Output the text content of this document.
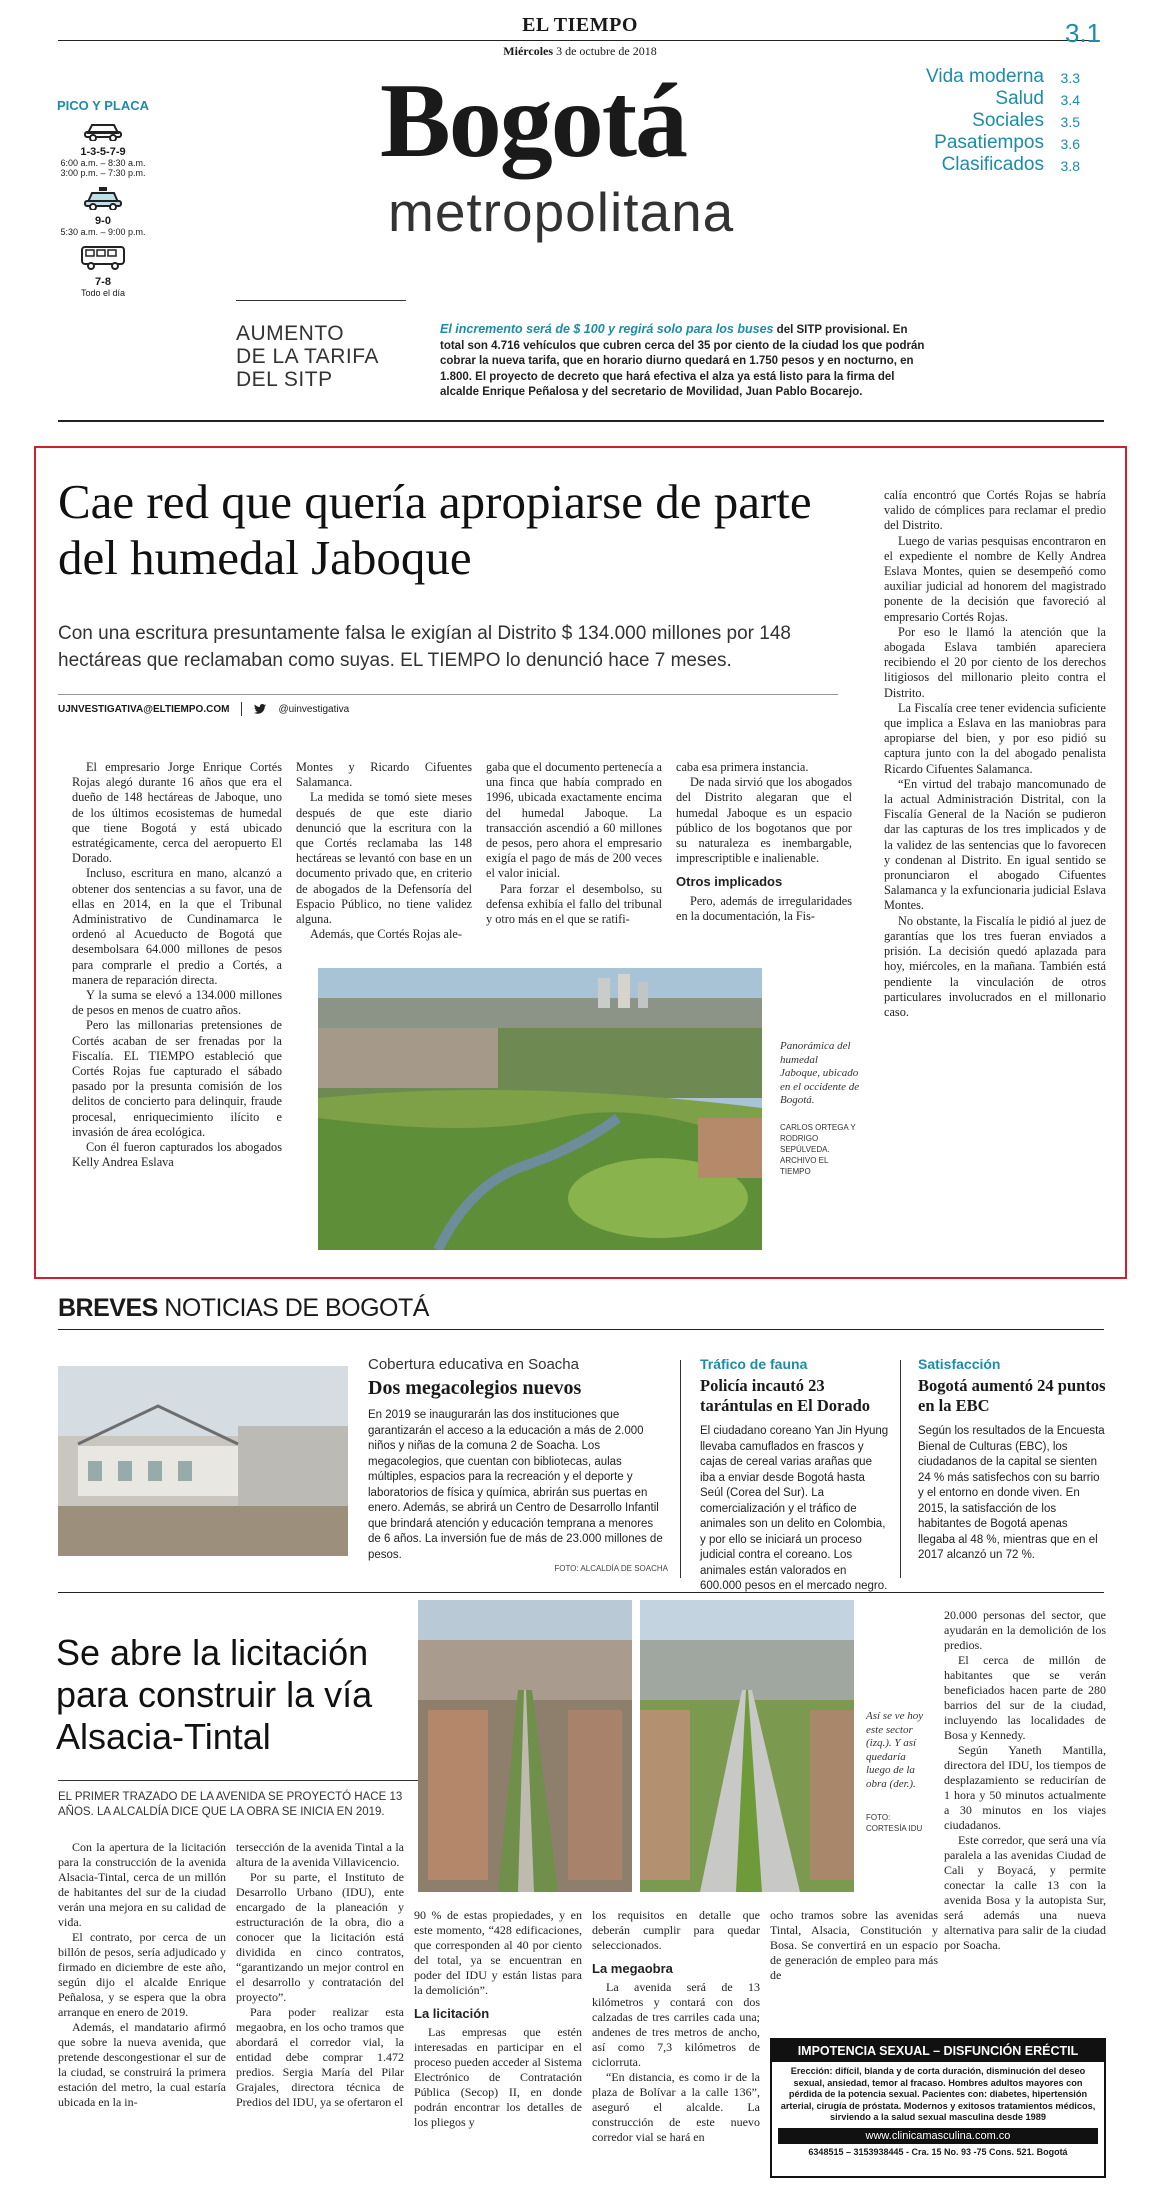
EL TIEMPO
Miércoles 3 de octubre de 2018
3.1
Bogotá
metropolitana
Vida moderna	3.3
Salud	3.4
Sociales	3.5
Pasatiempos	3.6
Clasificados	3.8
PICO Y PLACA
1-3-5-7-9
6:00 a.m. – 8:30 a.m.
3:00 p.m. – 7:30 p.m.
9-0
5:30 a.m. – 9:00 p.m.
7-8
Todo el día
AUMENTO
DE LA TARIFA
DEL SITP
El incremento será de $ 100 y regirá solo para los buses del SITP provisional. En total son 4.716 vehículos que cubren cerca del 35 por ciento de la ciudad los que podrán cobrar la nueva tarifa, que en horario diurno quedará en 1.750 pesos y en nocturno, en 1.800. El proyecto de decreto que hará efectiva el alza ya está listo para la firma del alcalde Enrique Peñalosa y del secretario de Movilidad, Juan Pablo Bocarejo.
Cae red que quería apropiarse de parte del humedal Jaboque
Con una escritura presuntamente falsa le exigían al Distrito $ 134.000 millones por 148 hectáreas que reclamaban como suyas. EL TIEMPO lo denunció hace 7 meses.
UJNVESTIGATIVA@ELTIEMPO.COM	@uinvestigativa

El empresario Jorge Enrique Cortés Rojas alegó durante 16 años que era el dueño de 148 hectáreas de Jaboque, uno de los últimos ecosistemas de humedal que tiene Bogotá y está ubicado estratégicamente, cerca del aeropuerto El Dorado.

Incluso, escritura en mano, alcanzó a obtener dos sentencias a su favor, una de ellas en 2014, en la que el Tribunal Administrativo de Cundinamarca le ordenó al Acueducto de Bogotá que desembolsara 64.000 millones de pesos para comprarle el predio a Cortés, a manera de reparación directa.

Y la suma se elevó a 134.000 millones de pesos en menos de cuatro años.

Pero las millonarias pretensiones de Cortés acaban de ser frenadas por la Fiscalía. EL TIEMPO estableció que Cortés Rojas fue capturado el sábado pasado por la presunta comisión de los delitos de concierto para delinquir, fraude procesal, enriquecimiento ilícito e invasión de área ecológica.

Con él fueron capturados los abogados Kelly Andrea Eslava

Montes y Ricardo Cifuentes Salamanca.

La medida se tomó siete meses después de que este diario denunció que la escritura con la que Cortés reclamaba las 148 hectáreas se levantó con base en un documento privado que, en criterio de abogados de la Defensoría del Espacio Público, no tiene validez alguna.

Además, que Cortés Rojas ale-

gaba que el documento pertenecía a una finca que había comprado en 1996, ubicada exactamente encima del humedal Jaboque. La transacción ascendió a 60 millones de pesos, pero ahora el empresario exigía el pago de más de 200 veces el valor inicial.

Para forzar el desembolso, su defensa exhibía el fallo del tribunal y otro más en el que se ratifi-

caba esa primera instancia.

De nada sirvió que los abogados del Distrito alegaran que el humedal Jaboque es un espacio público de los bogotanos que por su naturaleza es inembargable, imprescriptible e inalienable.

Otros implicados

Pero, además de irregularidades en la documentación, la Fis-

calía encontró que Cortés Rojas se habría valido de cómplices para reclamar el predio del Distrito.

Luego de varias pesquisas encontraron en el expediente el nombre de Kelly Andrea Eslava Montes, quien se desempeñó como auxiliar judicial ad honorem del magistrado ponente de la decisión que favoreció al empresario Cortés Rojas.

Por eso le llamó la atención que la abogada Eslava también apareciera recibiendo el 20 por ciento de los derechos litigiosos del millonario pleito contra el Distrito.

La Fiscalía cree tener evidencia suficiente que implica a Eslava en las maniobras para apropiarse del bien, y por eso pidió su captura junto con la del abogado penalista Ricardo Cifuentes Salamanca.

“En virtud del trabajo mancomunado de la actual Administración Distrital, con la Fiscalía General de la Nación se pudieron dar las capturas de los tres implicados y de la validez de las sentencias que lo favorecen y condenan al Distrito. En igual sentido se pronunciaron el abogado Cifuentes Salamanca y la exfuncionaria judicial Eslava Montes.

No obstante, la Fiscalía le pidió al juez de garantías que los tres fueran enviados a prisión. La decisión quedó aplazada para hoy, miércoles, en la mañana. También está pendiente la vinculación de otros particulares involucrados en el millonario caso.

Panorámica del humedal Jaboque, ubicado en el occidente de Bogotá.
CARLOS ORTEGA Y RODRIGO SEPÚLVEDA. ARCHIVO EL TIEMPO
BREVES NOTICIAS DE BOGOTÁ
Cobertura educativa en Soacha
Dos megacolegios nuevos
En 2019 se inaugurarán las dos instituciones que garantizarán el acceso a la educación a más de 2.000 niños y niñas de la comuna 2 de Soacha. Los megacolegios, que cuentan con bibliotecas, aulas múltiples, espacios para la recreación y el deporte y laboratorios de física y química, abrirán sus puertas en enero. Además, se abrirá un Centro de Desarrollo Infantil que brindará atención y educación temprana a menores de 6 años. La inversión fue de más de 23.000 millones de pesos.
FOTO: ALCALDÍA DE SOACHA
Tráfico de fauna
Policía incautó 23 tarántulas en El Dorado
El ciudadano coreano Yan Jin Hyung llevaba camuflados en frascos y cajas de cereal varias arañas que iba a enviar desde Bogotá hasta Seúl (Corea del Sur). La comercialización y el tráfico de animales son un delito en Colombia, y por ello se iniciará un proceso judicial contra el coreano. Los animales están valorados en 600.000 pesos en el mercado negro.
Satisfacción
Bogotá aumentó 24 puntos en la EBC
Según los resultados de la Encuesta Bienal de Culturas (EBC), los ciudadanos de la capital se sienten 24 % más satisfechos con su barrio y el entorno en donde viven. En 2015, la satisfacción de los habitantes de Bogotá apenas llegaba al 48 %, mientras que en el 2017 alcanzó un 72 %.
Se abre la licitación para construir la vía Alsacia-Tintal
EL PRIMER TRAZADO DE LA AVENIDA SE PROYECTÓ HACE 13 AÑOS. LA ALCALDÍA DICE QUE LA OBRA SE INICIA EN 2019.

Con la apertura de la licitación para la construcción de la avenida Alsacia-Tintal, cerca de un millón de habitantes del sur de la ciudad verán una mejora en su calidad de vida.

El contrato, por cerca de un billón de pesos, sería adjudicado y firmado en diciembre de este año, según dijo el alcalde Enrique Peñalosa, y se espera que la obra arranque en enero de 2019.

Además, el mandatario afirmó que sobre la nueva avenida, que pretende descongestionar el sur de la ciudad, se construirá la primera estación del metro, la cual estaría ubicada en la in-

tersección de la avenida Tintal a la altura de la avenida Villavicencio.

Por su parte, el Instituto de Desarrollo Urbano (IDU), ente encargado de la planeación y estructuración de la obra, dio a conocer que la licitación está dividida en cinco contratos, “garantizando un mejor control en el desarrollo y contratación del proyecto”.

Para poder realizar esta megaobra, en los ocho tramos que abordará el corredor vial, la entidad debe comprar 1.472 predios. Sergia María del Pilar Grajales, directora técnica de Predios del IDU, ya se ofertaron el

Así se ve hoy este sector (izq.). Y así quedaría luego de la obra (der.).
FOTO: CORTESÍA IDU

90 % de estas propiedades, y en este momento, “428 edificaciones, que corresponden al 40 por ciento del total, ya se encuentran en poder del IDU y están listas para la demolición”.

La licitación

Las empresas que estén interesadas en participar en el proceso pueden acceder al Sistema Electrónico de Contratación Pública (Secop) II, en donde podrán encontrar los detalles de los pliegos y

los requisitos en detalle que deberán cumplir para quedar seleccionados.

La megaobra

La avenida será de 13 kilómetros y contará con dos calzadas de tres carriles cada una; andenes de tres metros de ancho, así como 7,3 kilómetros de ciclorruta.

“En distancia, es como ir de la plaza de Bolívar a la calle 136”, aseguró el alcalde. La construcción de este nuevo corredor vial se hará en

ocho tramos sobre las avenidas Tintal, Alsacia, Constitución y Bosa. Se convertirá en un espacio de generación de empleo para más de

20.000 personas del sector, que ayudarán en la demolición de los predios.

El cerca de millón de habitantes que se verán beneficiados hacen parte de 280 barrios del sur de la ciudad, incluyendo las localidades de Bosa y Kennedy.

Según Yaneth Mantilla, directora del IDU, los tiempos de desplazamiento se reducirían de 1 hora y 50 minutos actualmente a 30 minutos en los viajes ciudadanos.

Este corredor, que será una vía paralela a las avenidas Ciudad de Cali y Boyacá, y permite conectar la calle 13 con la avenida Bosa y la autopista Sur, será además una nueva alternativa para salir de la ciudad por Soacha.

IMPOTENCIA SEXUAL – DISFUNCIÓN ERÉCTIL
Erección: difícil, blanda y de corta duración, disminución del deseo sexual, ansiedad, temor al fracaso. Hombres adultos mayores con pérdida de la potencia sexual. Pacientes con: diabetes, hipertensión arterial, cirugía de próstata. Modernos y exitosos tratamientos médicos, sirviendo a la salud sexual masculina desde 1989
www.clinicamasculina.com.co
6348515 – 3153938445 - Cra. 15 No. 93 -75 Cons. 521. Bogotá
